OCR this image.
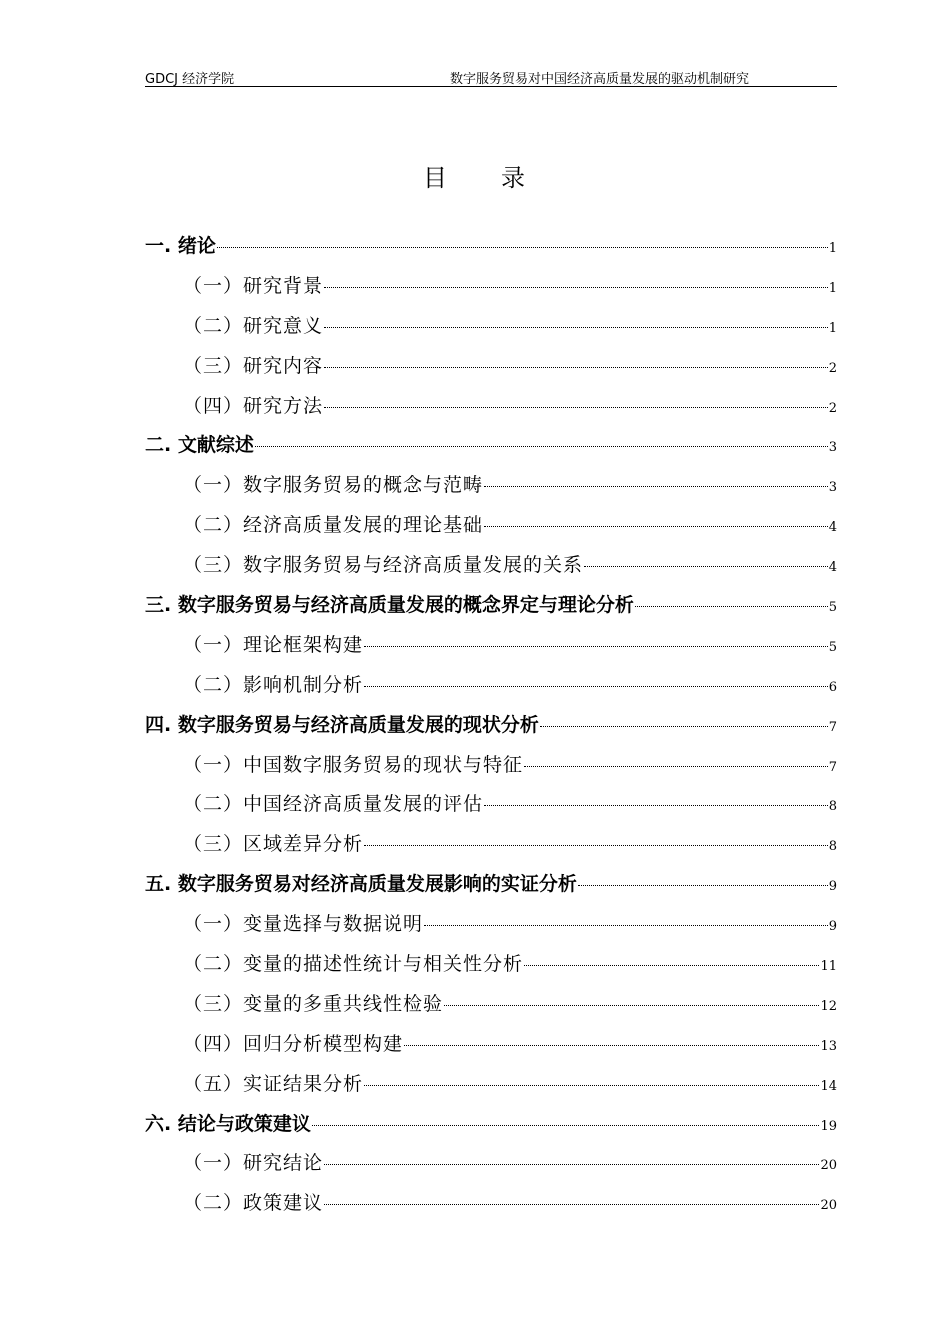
GDCJ 经济学院	数字服务贸易对中国经济高质量发展的驱动机制研究
目　　录
一. 绪论	1
（一）研究背景	1
（二）研究意义	1
（三）研究内容	2
（四）研究方法	2
二. 文献综述	3
（一）数字服务贸易的概念与范畴	3
（二）经济高质量发展的理论基础	4
（三）数字服务贸易与经济高质量发展的关系	4
三. 数字服务贸易与经济高质量发展的概念界定与理论分析	5
（一）理论框架构建	5
（二）影响机制分析	6
四. 数字服务贸易与经济高质量发展的现状分析	7
（一）中国数字服务贸易的现状与特征	7
（二）中国经济高质量发展的评估	8
（三）区域差异分析	8
五. 数字服务贸易对经济高质量发展影响的实证分析	9
（一）变量选择与数据说明	9
（二）变量的描述性统计与相关性分析	11
（三）变量的多重共线性检验	12
（四）回归分析模型构建	13
（五）实证结果分析	14
六. 结论与政策建议	19
（一）研究结论	20
（二）政策建议	20
